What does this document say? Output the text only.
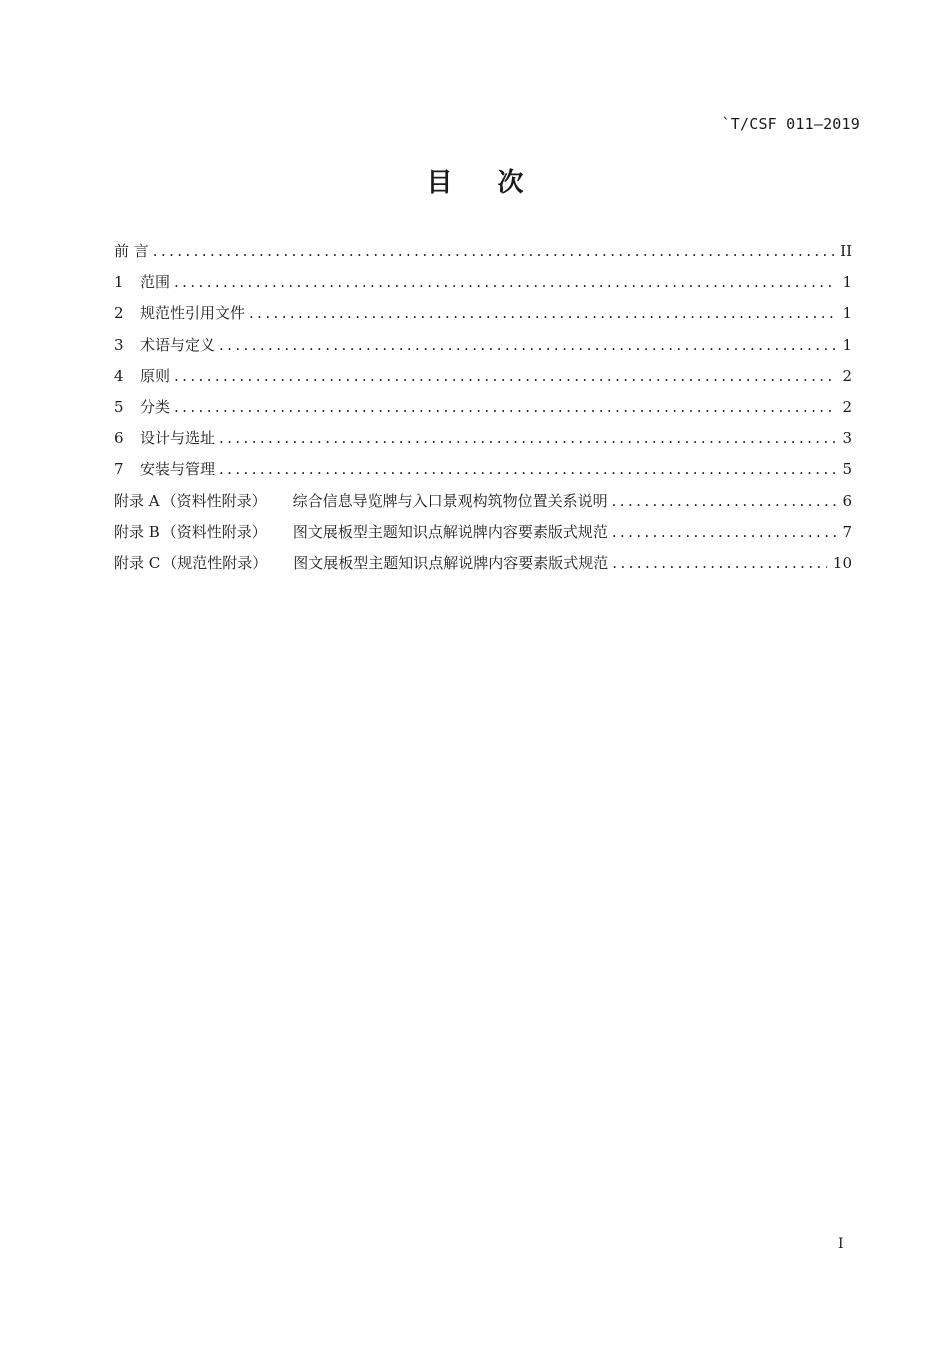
`T/CSF 011—2019
目 次
前 言 .....	II
1	范围 .....	1
2	规范性引用文件 .....	1
3	术语与定义 .....	1
4	原则 .....	2
5	分类 .....	2
6	设计与选址 .....	3
7	安装与管理 .....	5
附录 A （资料性附录） 综合信息导览牌与入口景观构筑物位置关系说明 .....	6
附录 B （资料性附录） 图文展板型主题知识点解说牌内容要素版式规范 .....	7
附录 C （规范性附录） 图文展板型主题知识点解说牌内容要素版式规范 .....	10
I
